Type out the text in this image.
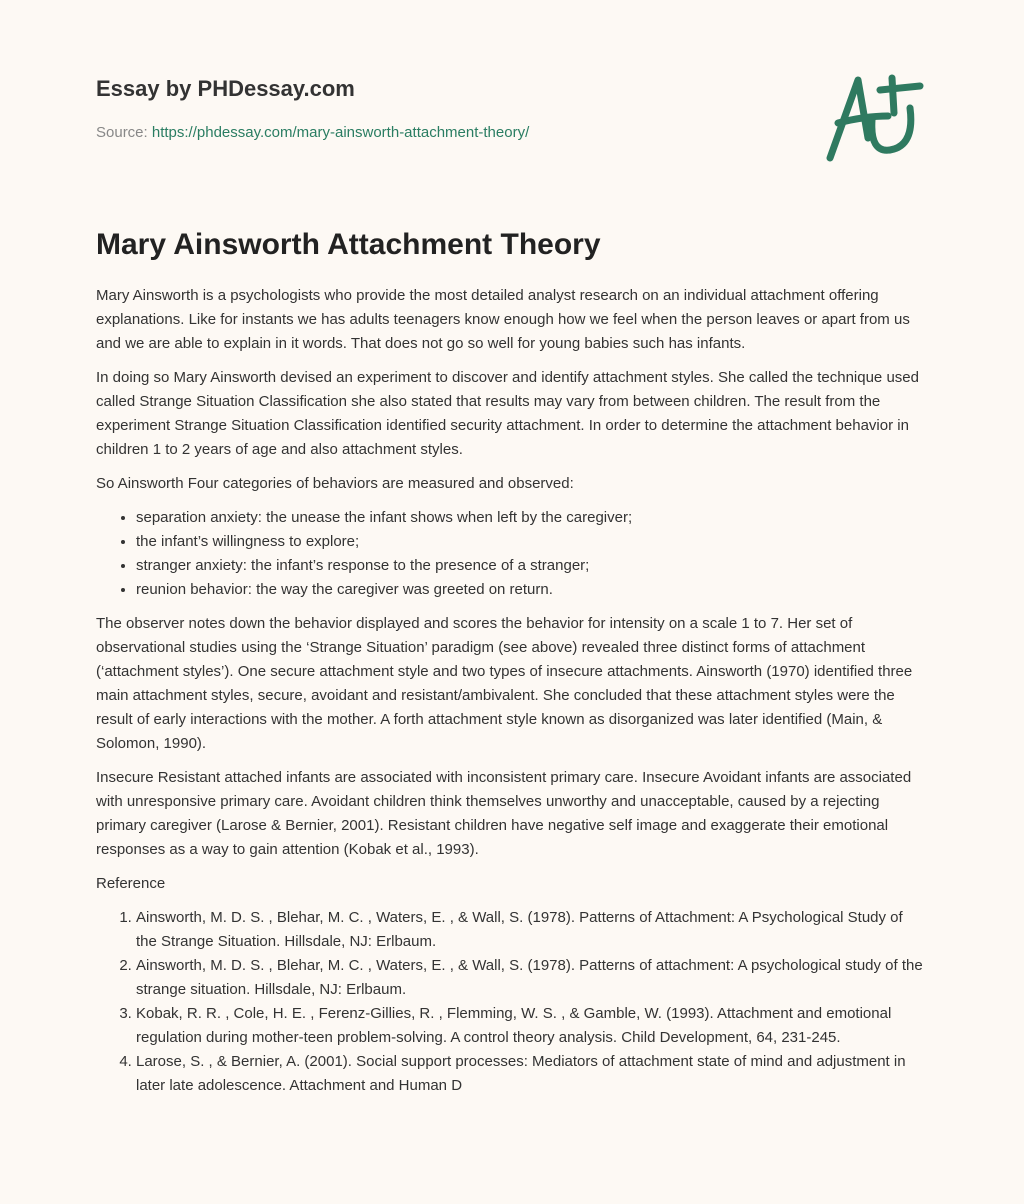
Essay by PHDessay.com
Source: https://phdessay.com/mary-ainsworth-attachment-theory/
Mary Ainsworth Attachment Theory

Mary Ainsworth is a psychologists who provide the most detailed analyst research on an individual attachment offering explanations. Like for instants we has adults teenagers know enough how we feel when the person leaves or apart from us and we are able to explain in it words. That does not go so well for young babies such has infants.

In doing so Mary Ainsworth devised an experiment to discover and identify attachment styles. She called the technique used called Strange Situation Classification she also stated that results may vary from between children. The result from the experiment Strange Situation Classification identified security attachment. In order to determine the attachment behavior in children 1 to 2 years of age and also attachment styles.

So Ainsworth Four categories of behaviors are measured and observed:

• separation anxiety: the unease the infant shows when left by the caregiver;
• the infant’s willingness to explore;
• stranger anxiety: the infant’s response to the presence of a stranger;
• reunion behavior: the way the caregiver was greeted on return.

The observer notes down the behavior displayed and scores the behavior for intensity on a scale 1 to 7. Her set of observational studies using the ‘Strange Situation’ paradigm (see above) revealed three distinct forms of attachment (‘attachment styles’). One secure attachment style and two types of insecure attachments. Ainsworth (1970) identified three main attachment styles, secure, avoidant and resistant/ambivalent. She concluded that these attachment styles were the result of early interactions with the mother. A forth attachment style known as disorganized was later identified (Main, & Solomon, 1990).

Insecure Resistant attached infants are associated with inconsistent primary care. Insecure Avoidant infants are associated with unresponsive primary care. Avoidant children think themselves unworthy and unacceptable, caused by a rejecting primary caregiver (Larose & Bernier, 2001). Resistant children have negative self image and exaggerate their emotional responses as a way to gain attention (Kobak et al., 1993).

Reference

1. Ainsworth, M. D. S. , Blehar, M. C. , Waters, E. , & Wall, S. (1978). Patterns of Attachment: A Psychological Study of the Strange Situation. Hillsdale, NJ: Erlbaum.
2. Ainsworth, M. D. S. , Blehar, M. C. , Waters, E. , & Wall, S. (1978). Patterns of attachment: A psychological study of the strange situation. Hillsdale, NJ: Erlbaum.
3. Kobak, R. R. , Cole, H. E. , Ferenz-Gillies, R. , Flemming, W. S. , & Gamble, W. (1993). Attachment and emotional regulation during mother-teen problem-solving. A control theory analysis. Child Development, 64, 231-245.
4. Larose, S. , & Bernier, A. (2001). Social support processes: Mediators of attachment state of mind and adjustment in later late adolescence. Attachment and Human D
